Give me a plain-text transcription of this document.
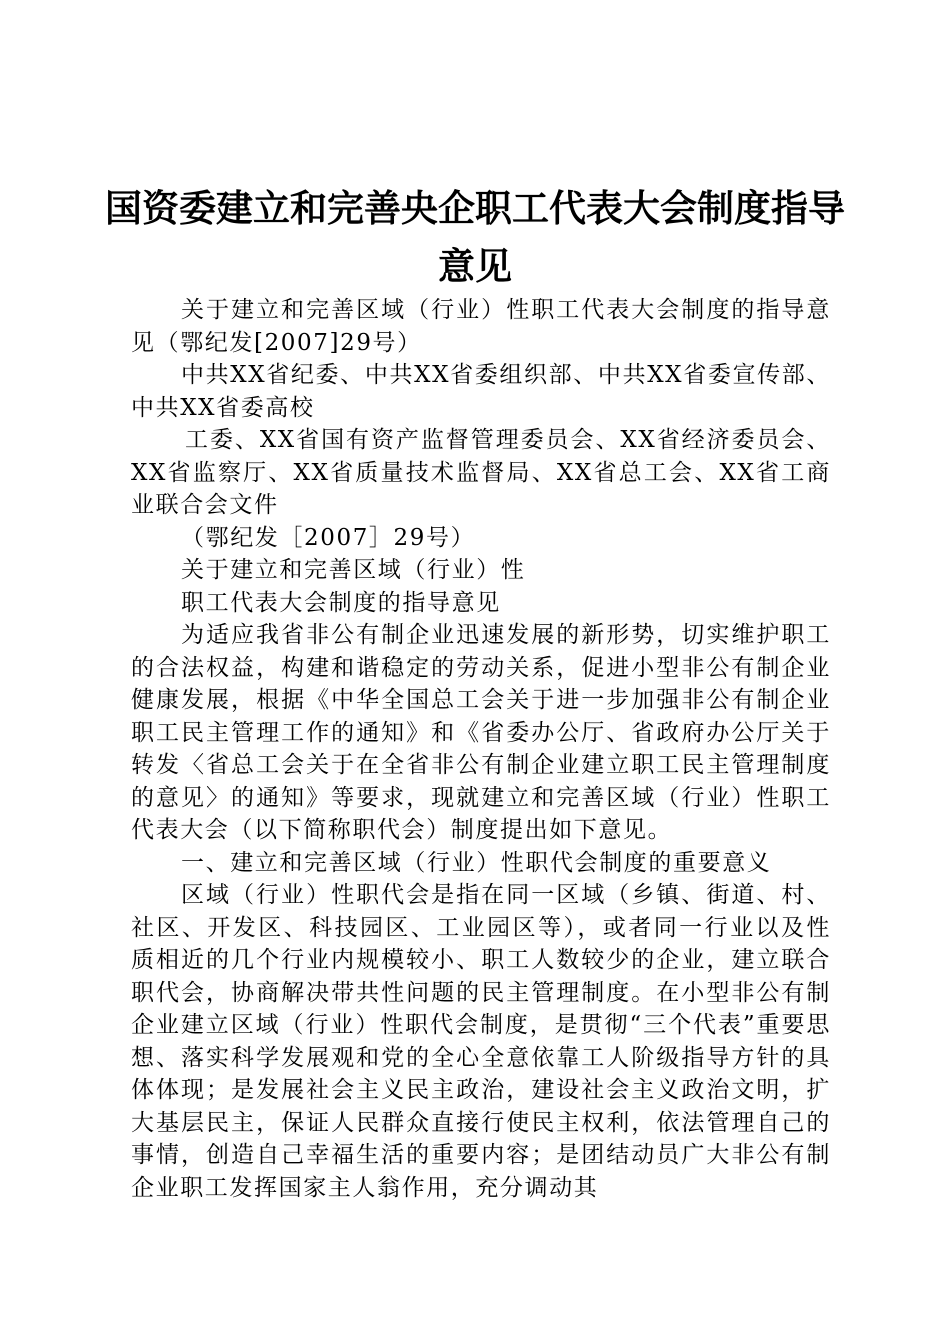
国资委建立和完善央企职工代表大会制度指导
意见

关于建立和完善区域（行业）性职工代表大会制度的指导意见（鄂纪发[2007]29号）

中共XX省纪委、中共XX省委组织部、中共XX省委宣传部、中共XX省委高校

工委、XX省国有资产监督管理委员会、XX省经济委员会、XX省监察厅、XX省质量技术监督局、XX省总工会、XX省工商业联合会文件

（鄂纪发［2007］29号）

关于建立和完善区域（行业）性

职工代表大会制度的指导意见

为适应我省非公有制企业迅速发展的新形势，切实维护职工的合法权益，构建和谐稳定的劳动关系，促进小型非公有制企业健康发展，根据《中华全国总工会关于进一步加强非公有制企业职工民主管理工作的通知》和《省委办公厅、省政府办公厅关于转发〈省总工会关于在全省非公有制企业建立职工民主管理制度的意见〉的通知》等要求，现就建立和完善区域（行业）性职工代表大会（以下简称职代会）制度提出如下意见。

一、建立和完善区域（行业）性职代会制度的重要意义

区域（行业）性职代会是指在同一区域（乡镇、街道、村、社区、开发区、科技园区、工业园区等），或者同一行业以及性质相近的几个行业内规模较小、职工人数较少的企业，建立联合职代会，协商解决带共性问题的民主管理制度。在小型非公有制企业建立区域（行业）性职代会制度，是贯彻“三个代表”重要思想、落实科学发展观和党的全心全意依靠工人阶级指导方针的具体体现；是发展社会主义民主政治，建设社会主义政治文明，扩大基层民主，保证人民群众直接行使民主权利，依法管理自己的事情，创造自己幸福生活的重要内容；是团结动员广大非公有制企业职工发挥国家主人翁作用，充分调动其
